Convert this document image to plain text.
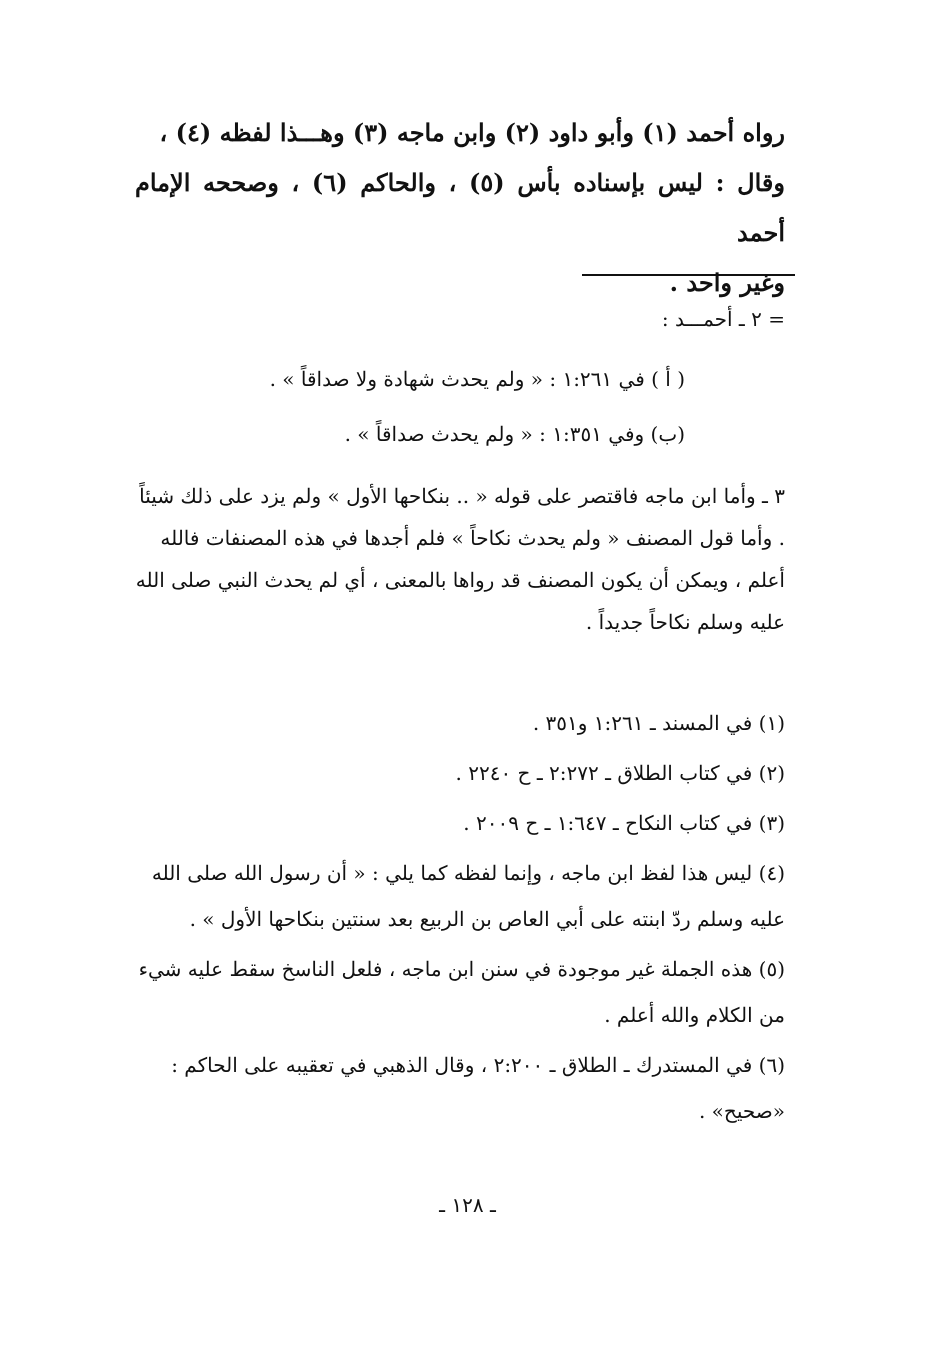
رواه أحمد (١) وأبو داود (٢) وابن ماجه (٣) وهـــذا لفظه (٤) ،

وقال : ليس بإسناده بأس (٥) ، والحاكم (٦) ، وصححه الإمام أحمد

وغير واحد .

= ٢ ـ أحمـــد :

( أ ) في ١:٢٦١ : « ولم يحدث شهادة ولا صداقاً » .

(ب) وفي ١:٣٥١ : « ولم يحدث صداقاً » .

٣ ـ وأما ابن ماجه فاقتصر على قوله « .. بنكاحها الأول » ولم يزد على ذلك شيئاً . وأما قول المصنف « ولم يحدث نكاحاً » فلم أجدها في هذه المصنفات فالله أعلم ، ويمكن أن يكون المصنف قد رواها بالمعنى ، أي لم يحدث النبي صلى الله عليه وسلم نكاحاً جديداً .

(١) في المسند ـ ١:٢٦١ و٣٥١ .

(٢) في كتاب الطلاق ـ ٢:٢٧٢ ـ ح ٢٢٤٠ .

(٣) في كتاب النكاح ـ ١:٦٤٧ ـ ح ٢٠٠٩ .

(٤) ليس هذا لفظ ابن ماجه ، وإنما لفظه كما يلي : « أن رسول الله صلى الله عليه وسلم ردّ ابنته على أبي العاص بن الربيع بعد سنتين بنكاحها الأول » .

(٥) هذه الجملة غير موجودة في سنن ابن ماجه ، فلعل الناسخ سقط عليه شيء من الكلام والله أعلم .

(٦) في المستدرك ـ الطلاق ـ ٢:٢٠٠ ، وقال الذهبي في تعقيبه على الحاكم : «صحيح» .

ـ ١٢٨ ـ
